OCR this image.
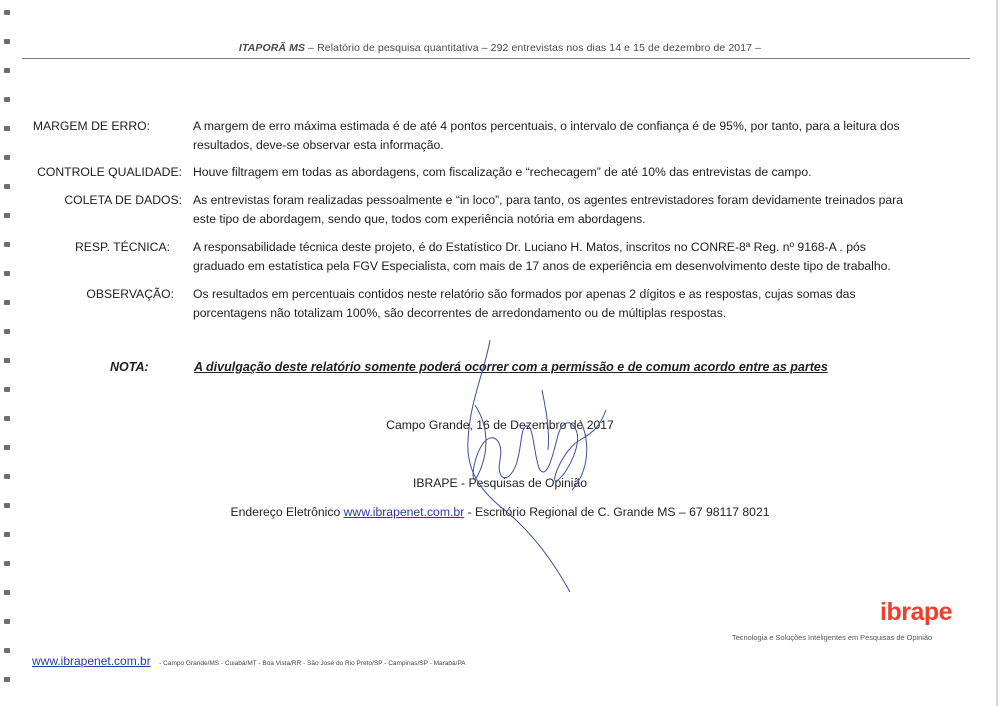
ITAPORÃ MS – Relatório de pesquisa quantitativa – 292 entrevistas nos dias 14 e 15 de dezembro de 2017 –
MARGEM DE ERRO:	A margem de erro máxima estimada é de até 4 pontos percentuais, o intervalo de confiança é de 95%, por tanto, para a leitura dos
resultados, deve-se observar esta informação.
CONTROLE QUALIDADE: Houve filtragem em todas as abordagens, com fiscalização e “rechecagem” de até 10% das entrevistas de campo.
COLETA DE DADOS: As entrevistas foram realizadas pessoalmente e “in loco”, para tanto, os agentes entrevistadores foram devidamente treinados para
este tipo de abordagem, sendo que, todos com experiência notória em abordagens.
RESP. TÉCNICA: A responsabilidade técnica deste projeto, é do Estatístico Dr. Luciano H. Matos, inscritos no CONRE-8ª Reg. nº 9168-A . pós
graduado em estatística pela FGV Especialista, com mais de 17 anos de experiência em desenvolvimento deste tipo de trabalho.
OBSERVAÇÃO: Os resultados em percentuais contidos neste relatório são formados por apenas 2 dígitos e as respostas, cujas somas das
porcentagens não totalizam 100%, são decorrentes de arredondamento ou de múltiplas respostas.
NOTA:	A divulgação deste relatório somente poderá ocorrer com a permissão e de comum acordo entre as partes
Campo Grande, 16 de Dezembro de 2017
IBRAPE - Pesquisas de Opinião
Endereço Eletrônico www.ibrapenet.com.br - Escritório Regional de C. Grande MS – 67 98117 8021
ibrape
Tecnologia e Soluções Inteligentes em Pesquisas de Opinião
www.ibrapenet.com.br - Campo Grande/MS - Cuiabá/MT - Boa Vista/RR - São José do Rio Preto/SP - Campinas/SP - Marabá/PA
